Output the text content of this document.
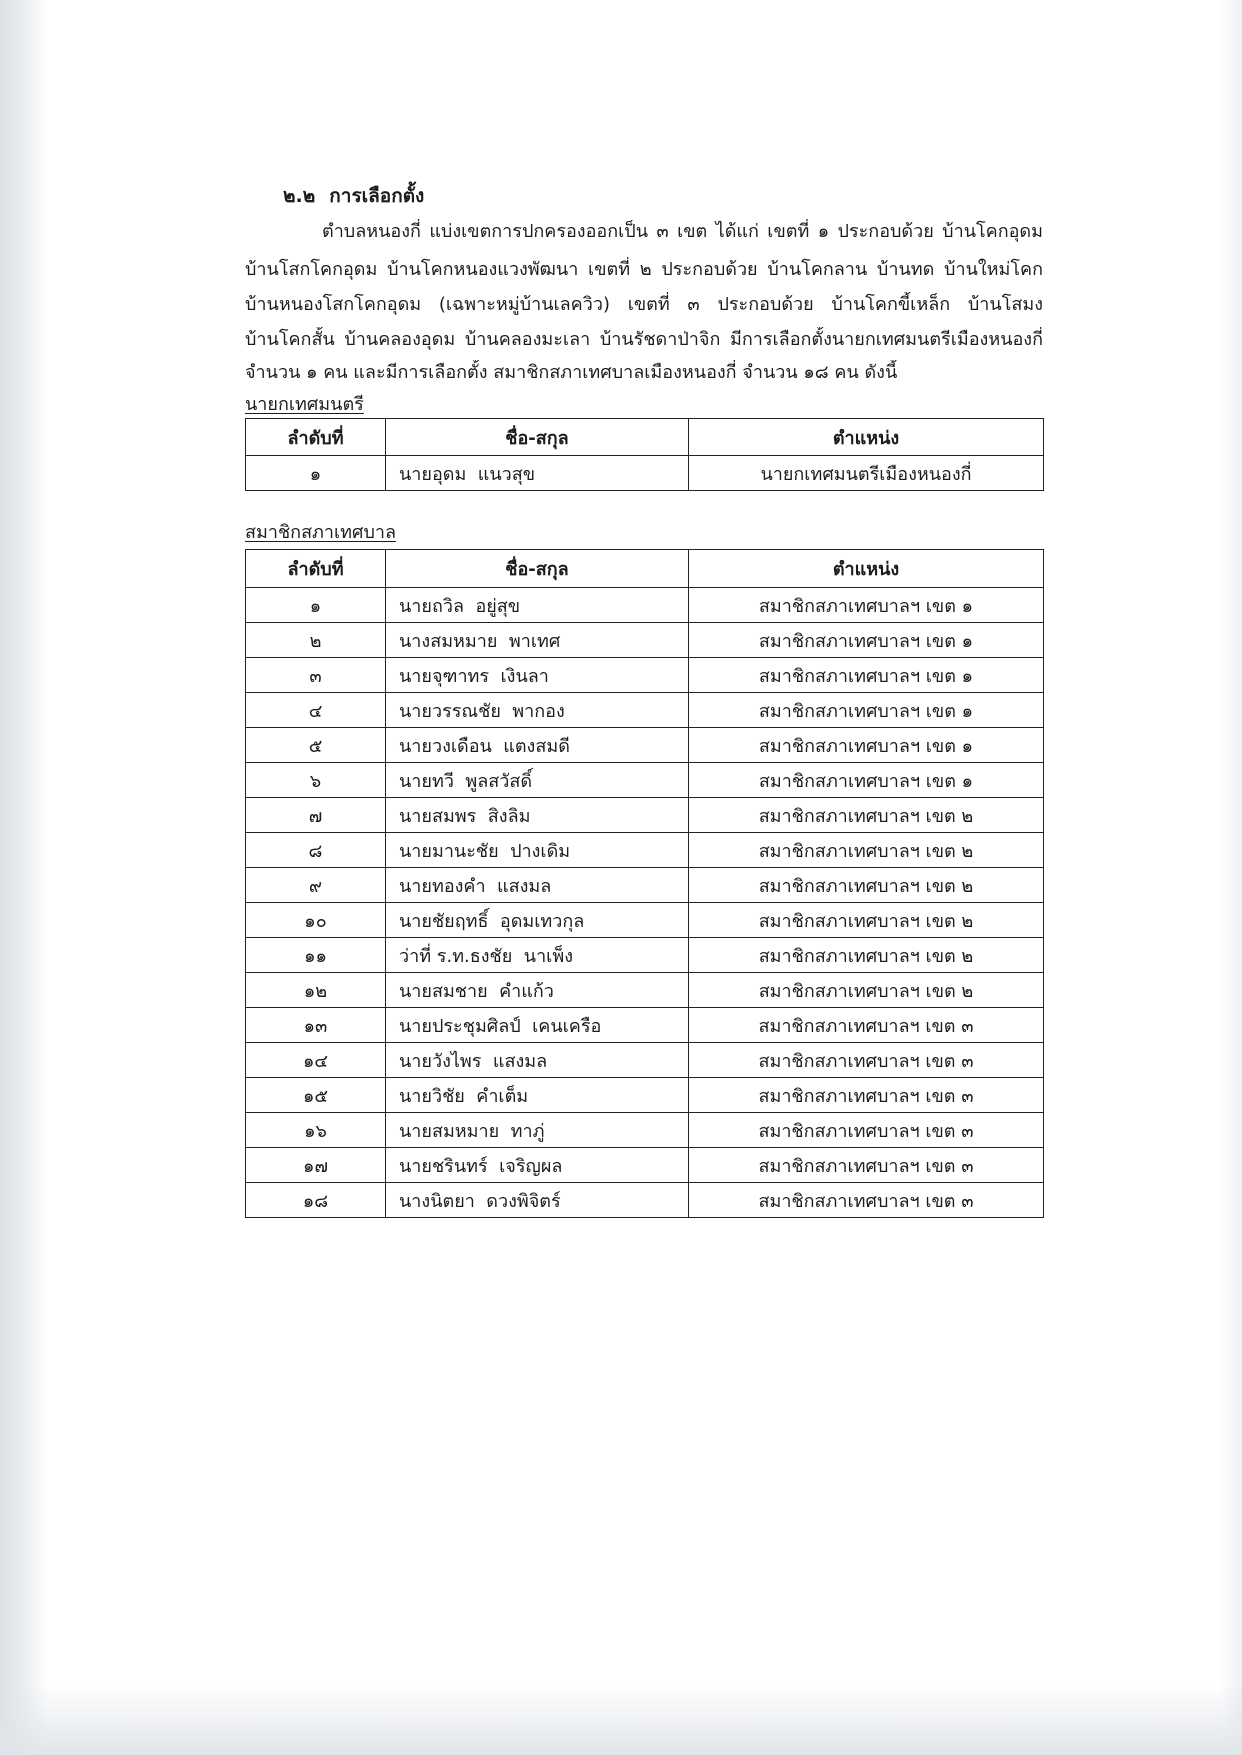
๒.๒ การเลือกตั้ง
ตำบลหนองกี่ แบ่งเขตการปกครองออกเป็น ๓ เขต ได้แก่ เขตที่ ๑ ประกอบด้วย บ้านโคกอุดม
บ้านโสกโคกอุดม บ้านโคกหนองแวงพัฒนา เขตที่ ๒ ประกอบด้วย บ้านโคกลาน บ้านทด บ้านใหม่โคก
บ้านหนองโสกโคกอุดม (เฉพาะหมู่บ้านเลควิว) เขตที่ ๓ ประกอบด้วย บ้านโคกขี้เหล็ก บ้านโสมง
บ้านโคกสั้น บ้านคลองอุดม บ้านคลองมะเลา บ้านรัชดาป่าจิก มีการเลือกตั้งนายกเทศมนตรีเมืองหนองกี่
จำนวน ๑ คน และมีการเลือกตั้ง สมาชิกสภาเทศบาลเมืองหนองกี่ จำนวน ๑๘ คน ดังนี้
นายกเทศมนตรี
ลำดับที่	ชื่อ-สกุล	ตำแหน่ง
๑	นายอุดม  แนวสุข	นายกเทศมนตรีเมืองหนองกี่
สมาชิกสภาเทศบาล
ลำดับที่	ชื่อ-สกุล	ตำแหน่ง
๑	นายถวิล  อยู่สุข	สมาชิกสภาเทศบาลฯ เขต ๑
๒	นางสมหมาย  พาเทศ	สมาชิกสภาเทศบาลฯ เขต ๑
๓	นายจุฑาทร  เงินลา	สมาชิกสภาเทศบาลฯ เขต ๑
๔	นายวรรณชัย  พากอง	สมาชิกสภาเทศบาลฯ เขต ๑
๕	นายวงเดือน  แตงสมดี	สมาชิกสภาเทศบาลฯ เขต ๑
๖	นายทวี  พูลสวัสดิ์	สมาชิกสภาเทศบาลฯ เขต ๑
๗	นายสมพร  สิงลิม	สมาชิกสภาเทศบาลฯ เขต ๒
๘	นายมานะชัย  ปางเดิม	สมาชิกสภาเทศบาลฯ เขต ๒
๙	นายทองคำ  แสงมล	สมาชิกสภาเทศบาลฯ เขต ๒
๑๐	นายชัยฤทธิ์  อุดมเทวกุล	สมาชิกสภาเทศบาลฯ เขต ๒
๑๑	ว่าที่ ร.ท.ธงชัย  นาเพ็ง	สมาชิกสภาเทศบาลฯ เขต ๒
๑๒	นายสมชาย  คำแก้ว	สมาชิกสภาเทศบาลฯ เขต ๒
๑๓	นายประชุมศิลป์  เคนเครือ	สมาชิกสภาเทศบาลฯ เขต ๓
๑๔	นายวังไพร  แสงมล	สมาชิกสภาเทศบาลฯ เขต ๓
๑๕	นายวิชัย  คำเต็ม	สมาชิกสภาเทศบาลฯ เขต ๓
๑๖	นายสมหมาย  ทาภู่	สมาชิกสภาเทศบาลฯ เขต ๓
๑๗	นายชรินทร์  เจริญผล	สมาชิกสภาเทศบาลฯ เขต ๓
๑๘	นางนิตยา  ดวงพิจิตร์	สมาชิกสภาเทศบาลฯ เขต ๓
